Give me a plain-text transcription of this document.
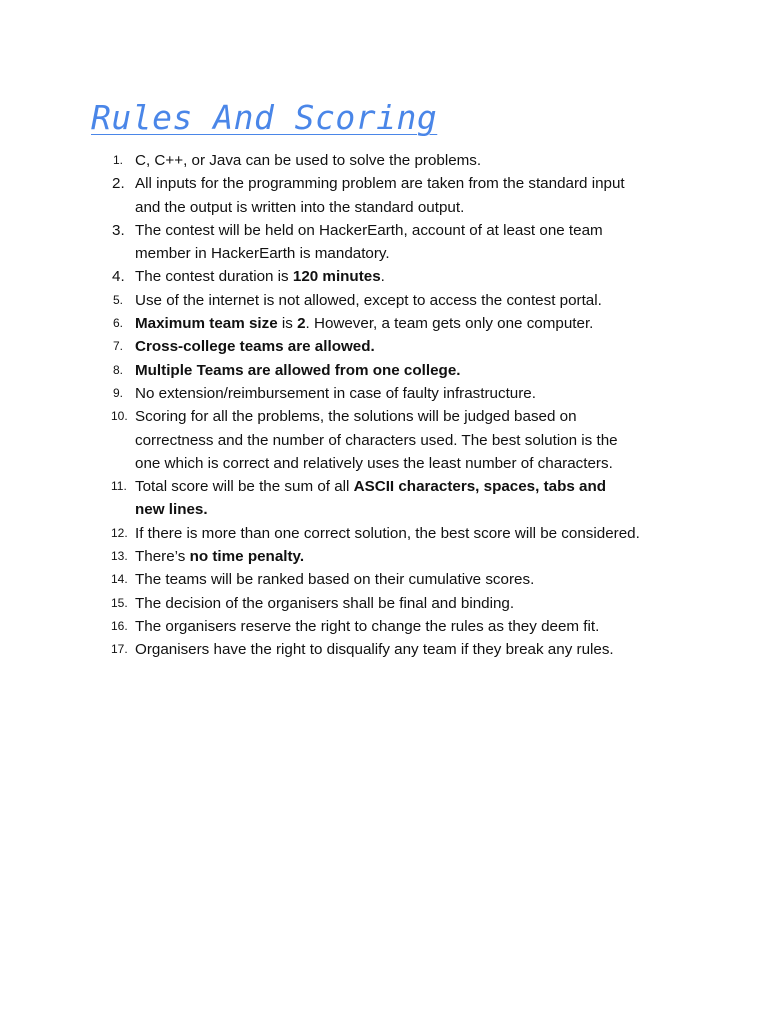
Rules And Scoring
1. C, C++, or Java can be used to solve the problems.
2. All inputs for the programming problem are taken from the standard input
and the output is written into the standard output.
3. The contest will be held on HackerEarth, account of at least one team
member in HackerEarth is mandatory.
4. The contest duration is 120 minutes.
5. Use of the internet is not allowed, except to access the contest portal.
6. Maximum team size is 2. However, a team gets only one computer.
7. Cross-college teams are allowed.
8. Multiple Teams are allowed from one college.
9. No extension/reimbursement in case of faulty infrastructure.
10. Scoring for all the problems, the solutions will be judged based on
correctness and the number of characters used. The best solution is the
one which is correct and relatively uses the least number of characters.
11. Total score will be the sum of all ASCII characters, spaces, tabs and
new lines.
12. If there is more than one correct solution, the best score will be considered.
13. There’s no time penalty.
14. The teams will be ranked based on their cumulative scores.
15. The decision of the organisers shall be final and binding.
16. The organisers reserve the right to change the rules as they deem fit.
17. Organisers have the right to disqualify any team if they break any rules.
